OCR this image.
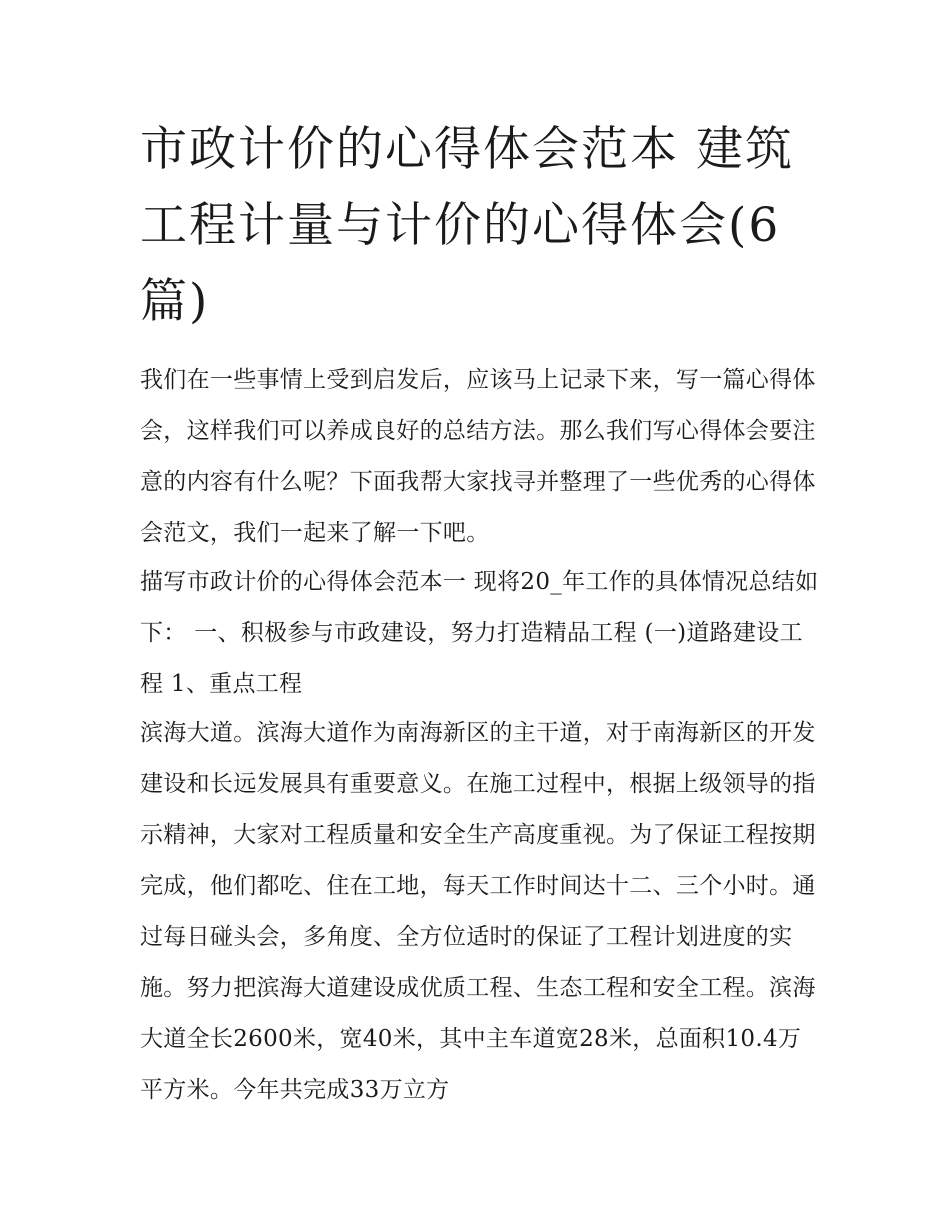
市政计价的心得体会范本 建筑工程计量与计价的心得体会(6篇)

我们在一些事情上受到启发后，应该马上记录下来，写一篇心得体会，这样我们可以养成良好的总结方法。那么我们写心得体会要注意的内容有什么呢？下面我帮大家找寻并整理了一些优秀的心得体会范文，我们一起来了解一下吧。

描写市政计价的心得体会范本一 现将20_年工作的具体情况总结如下： 一、积极参与市政建设，努力打造精品工程 (一)道路建设工程 1、重点工程

滨海大道。滨海大道作为南海新区的主干道，对于南海新区的开发建设和长远发展具有重要意义。在施工过程中，根据上级领导的指示精神，大家对工程质量和安全生产高度重视。为了保证工程按期完成，他们都吃、住在工地，每天工作时间达十二、三个小时。通过每日碰头会，多角度、全方位适时的保证了工程计划进度的实施。努力把滨海大道建设成优质工程、生态工程和安全工程。滨海大道全长2600米，宽40米，其中主车道宽28米，总面积10.4万平方米。今年共完成33万立方
